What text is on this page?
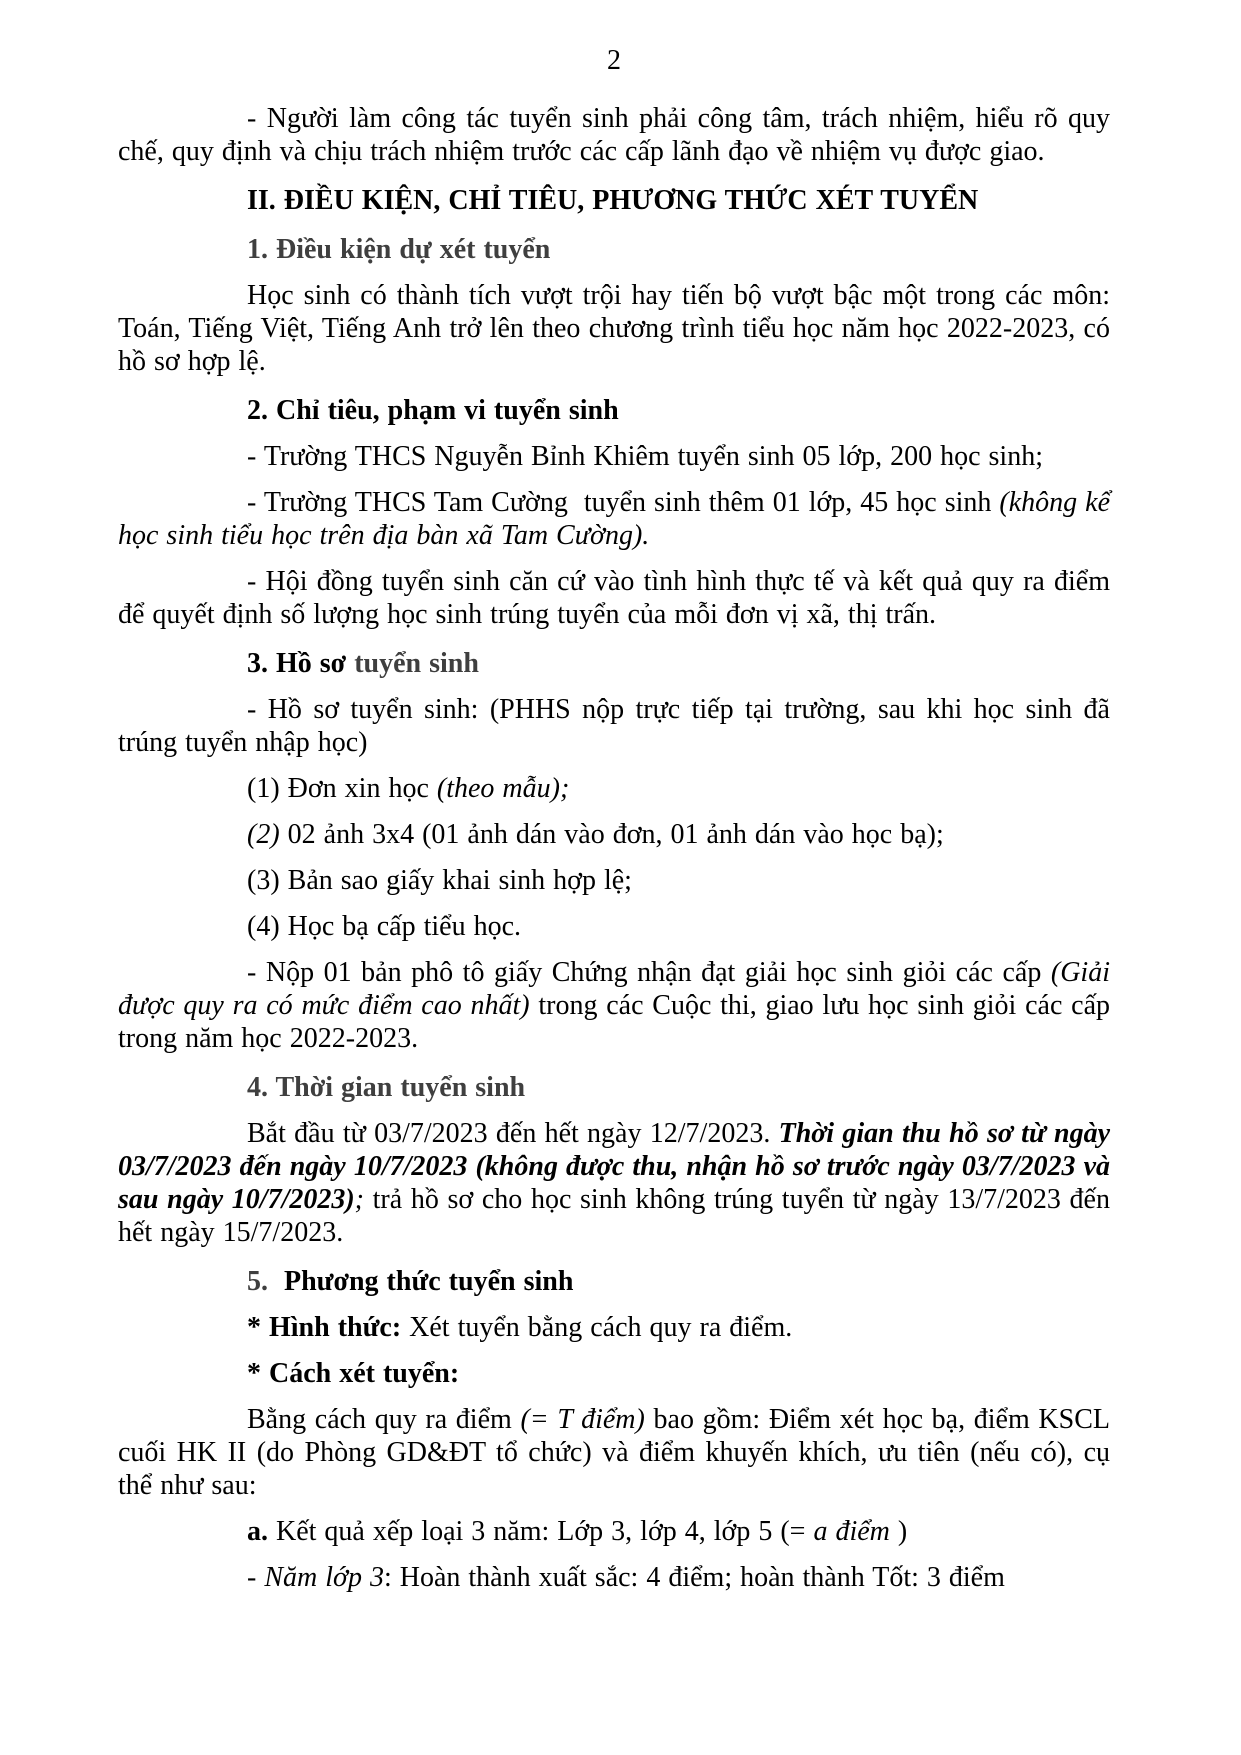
2

- Người làm công tác tuyển sinh phải công tâm, trách nhiệm, hiểu rõ quy chế, quy định và chịu trách nhiệm trước các cấp lãnh đạo về nhiệm vụ được giao.

II. ĐIỀU KIỆN, CHỈ TIÊU, PHƯƠNG THỨC XÉT TUYỂN

1. Điều kiện dự xét tuyển

Học sinh có thành tích vượt trội hay tiến bộ vượt bậc một trong các môn: Toán, Tiếng Việt, Tiếng Anh trở lên theo chương trình tiểu học năm học 2022-2023, có hồ sơ hợp lệ.

2. Chỉ tiêu, phạm vi tuyển sinh

- Trường THCS Nguyễn Bỉnh Khiêm tuyển sinh 05 lớp, 200 học sinh;

- Trường THCS Tam Cường  tuyển sinh thêm 01 lớp, 45 học sinh (không kể học sinh tiểu học trên địa bàn xã Tam Cường).

- Hội đồng tuyển sinh căn cứ vào tình hình thực tế và kết quả quy ra điểm để quyết định số lượng học sinh trúng tuyển của mỗi đơn vị xã, thị trấn.

3. Hồ sơ tuyển sinh

- Hồ sơ tuyển sinh: (PHHS nộp trực tiếp tại trường, sau khi học sinh đã trúng tuyển nhập học)

(1) Đơn xin học (theo mẫu);

(2) 02 ảnh 3x4 (01 ảnh dán vào đơn, 01 ảnh dán vào học bạ);

(3) Bản sao giấy khai sinh hợp lệ;

(4) Học bạ cấp tiểu học.

- Nộp 01 bản phô tô giấy Chứng nhận đạt giải học sinh giỏi các cấp (Giải được quy ra có mức điểm cao nhất) trong các Cuộc thi, giao lưu học sinh giỏi các cấp trong năm học 2022-2023.

4. Thời gian tuyển sinh

Bắt đầu từ 03/7/2023 đến hết ngày 12/7/2023. Thời gian thu hồ sơ từ ngày 03/7/2023 đến ngày 10/7/2023 (không được thu, nhận hồ sơ trước ngày 03/7/2023 và sau ngày 10/7/2023); trả hồ sơ cho học sinh không trúng tuyển từ ngày 13/7/2023 đến hết ngày 15/7/2023.

5.  Phương thức tuyển sinh

* Hình thức: Xét tuyển bằng cách quy ra điểm.

* Cách xét tuyển:

Bằng cách quy ra điểm (= T điểm) bao gồm: Điểm xét học bạ, điểm KSCL cuối HK II (do Phòng GD&ĐT tổ chức) và điểm khuyến khích, ưu tiên (nếu có), cụ thể như sau:

a. Kết quả xếp loại 3 năm: Lớp 3, lớp 4, lớp 5 (= a điểm )

- Năm lớp 3: Hoàn thành xuất sắc: 4 điểm; hoàn thành Tốt: 3 điểm
